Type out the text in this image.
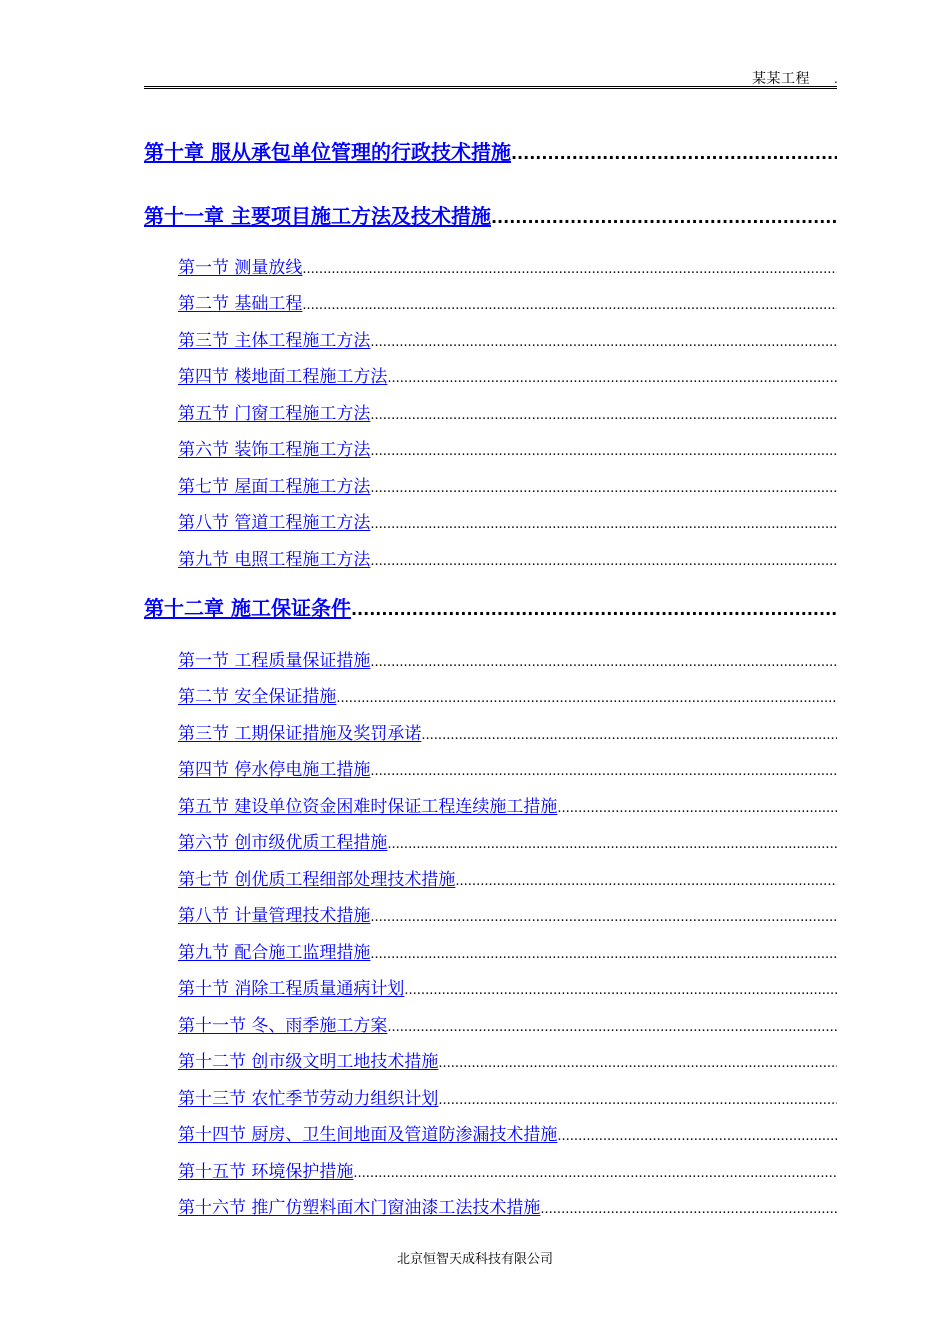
某某工程 .
第十章 服从承包单位管理的行政技术措施
.....
第十一章 主要项目施工方法及技术措施
.....
第一节 测量放线
.....
第二节 基础工程
.....
第三节 主体工程施工方法
.....
第四节 楼地面工程施工方法
.....
第五节 门窗工程施工方法
.....
第六节 装饰工程施工方法
.....
第七节 屋面工程施工方法
.....
第八节 管道工程施工方法
.....
第九节 电照工程施工方法
.....
第十二章 施工保证条件
.....
第一节 工程质量保证措施
.....
第二节 安全保证措施
.....
第三节 工期保证措施及奖罚承诺
.....
第四节 停水停电施工措施
.....
第五节 建设单位资金困难时保证工程连续施工措施
.....
第六节 创市级优质工程措施
.....
第七节 创优质工程细部处理技术措施
.....
第八节 计量管理技术措施
.....
第九节 配合施工监理措施
.....
第十节 消除工程质量通病计划
.....
第十一节 冬、雨季施工方案
.....
第十二节 创市级文明工地技术措施
.....
第十三节 农忙季节劳动力组织计划
.....
第十四节 厨房、卫生间地面及管道防渗漏技术措施
.....
第十五节 环境保护措施
.....
第十六节 推广仿塑料面木门窗油漆工法技术措施
.....
北京恒智天成科技有限公司
